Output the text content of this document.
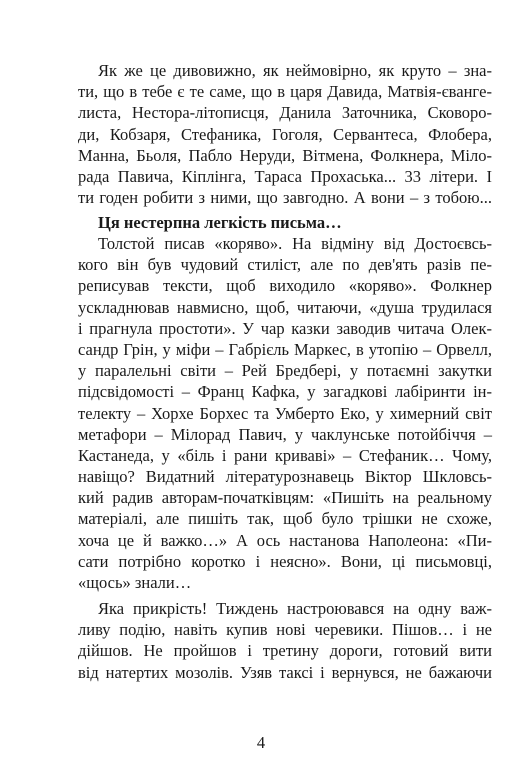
Як же це дивовижно, як неймовірно, як круто – зна-
ти, що в тебе є те саме, що в царя Давида, Матвія-євангe-
листа, Нестора-літописця, Данила Заточника, Сковоро-
ди, Кобзаря, Стефаника, Гоголя, Сервантеса, Флобера,
Манна, Бьоля, Пабло Неруди, Вітмена, Фолкнера, Міло-
рада Павича, Кіплінга, Тараса Прохаська... 33 літери. І
ти годен робити з ними, що завгодно. А вони – з тобою...
Ця нестерпна легкість письма…
Толстой писав «коряво». На відміну від Достоєвсь-
кого він був чудовий стиліст, але по дев'ять разів пе-
реписував тексти, щоб виходило «коряво». Фолкнер
ускладнював навмисно, щоб, читаючи, «душа трудилася
і прагнула простоти». У чар казки заводив читача Олек-
сандр Грін, у міфи – Габрієль Маркес, в утопію – Орвелл,
у паралельні світи – Рей Бредбері, у потаємні закутки
підсвідомості – Франц Кафка, у загадкові лабіринти ін-
телекту – Хорхе Борхес та Умберто Еко, у химерний світ
метафори – Мілорад Павич, у чаклунське потойбіччя –
Кастанеда, у «біль і рани криваві» – Стефаник… Чому,
навіщо? Видатний літературознавець Віктор Шкловсь-
кий радив авторам-початківцям: «Пишіть на реальному
матеріалі, але пишіть так, щоб було трішки не схоже,
хоча це й важко…» А ось настанова Наполеона: «Пи-
сати потрібно коротко і неясно». Вони, ці письмовці,
«щось» знали…
Яка прикрість! Тиждень настроювався на одну важ-
ливу подію, навіть купив нові черевики. Пішов… і не
дійшов. Не пройшов і третину дороги, готовий вити
від натертих мозолів. Узяв таксі і вернувся, не бажаючи
4
